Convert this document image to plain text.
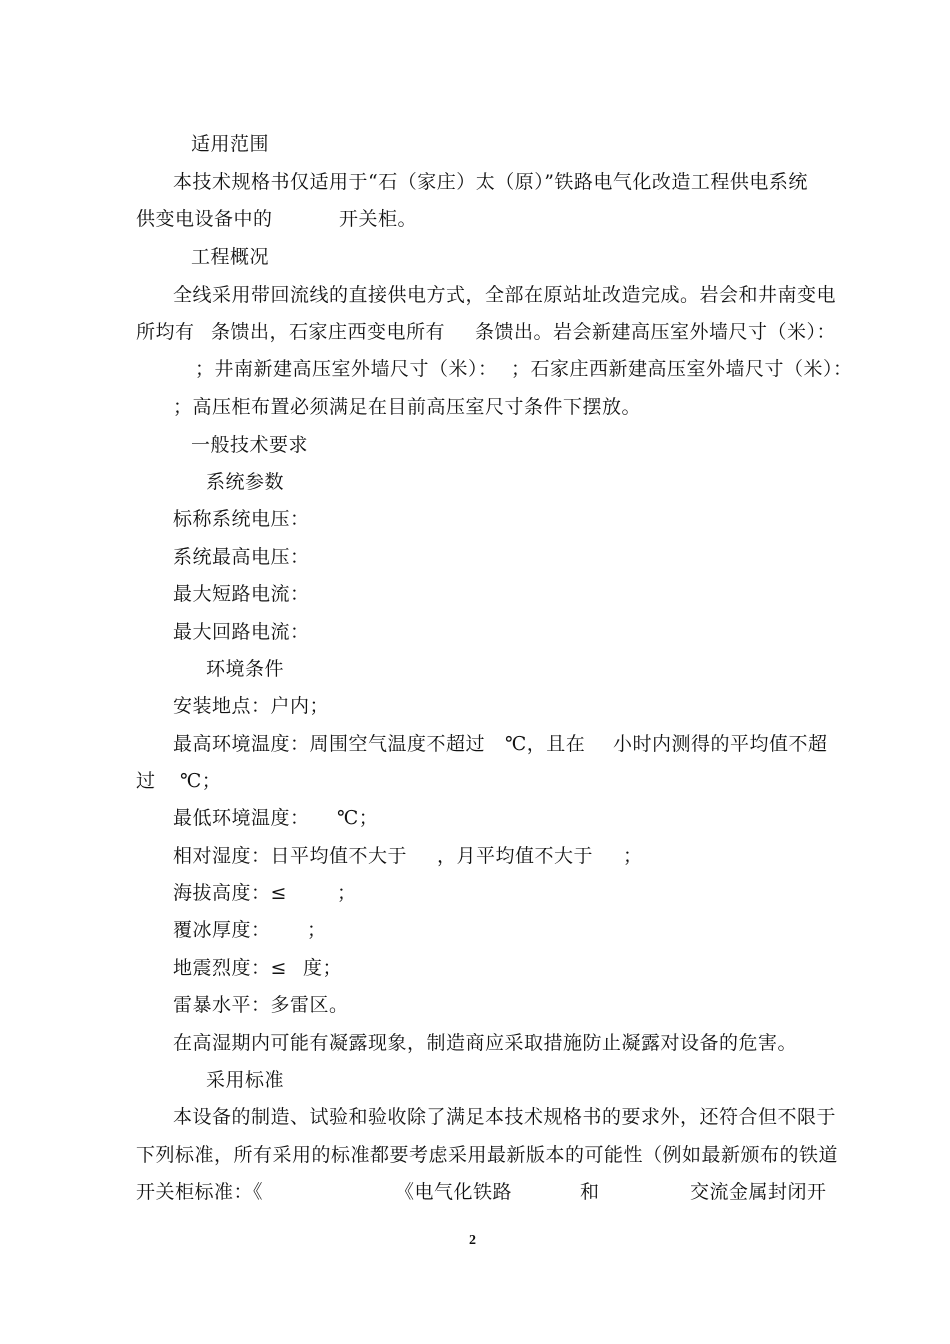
适用范围
本技术规格书仅适用于“石（家庄）太（原）”铁路电气化改造工程供电系统
供变电设备中的	开关柜。
工程概况
全线采用带回流线的直接供电方式，全部在原站址改造完成。岩会和井南变电
所均有 条馈出，石家庄西变电所有 条馈出。岩会新建高压室外墙尺寸（米）：
；井南新建高压室外墙尺寸（米）： ；石家庄西新建高压室外墙尺寸（米）：
；高压柜布置必须满足在目前高压室尺寸条件下摆放。
一般技术要求
系统参数
标称系统电压：
系统最高电压：
最大短路电流：
最大回路电流：
环境条件
安装地点：户内；
最高环境温度：周围空气温度不超过 ℃，且在 小时内测得的平均值不超
过 ℃；
最低环境温度： ℃；
相对湿度：日平均值不大于 ，月平均值不大于 ；
海拔高度：≤	；
覆冰厚度： ；
地震烈度：≤ 度；
雷暴水平：多雷区。
在高湿期内可能有凝露现象，制造商应采取措施防止凝露对设备的危害。
采用标准
本设备的制造、试验和验收除了满足本技术规格书的要求外，还符合但不限于
下列标准，所有采用的标准都要考虑采用最新版本的可能性（例如最新颁布的铁道
开关柜标准：《	《电气化铁路	和	交流金属封闭开
2
